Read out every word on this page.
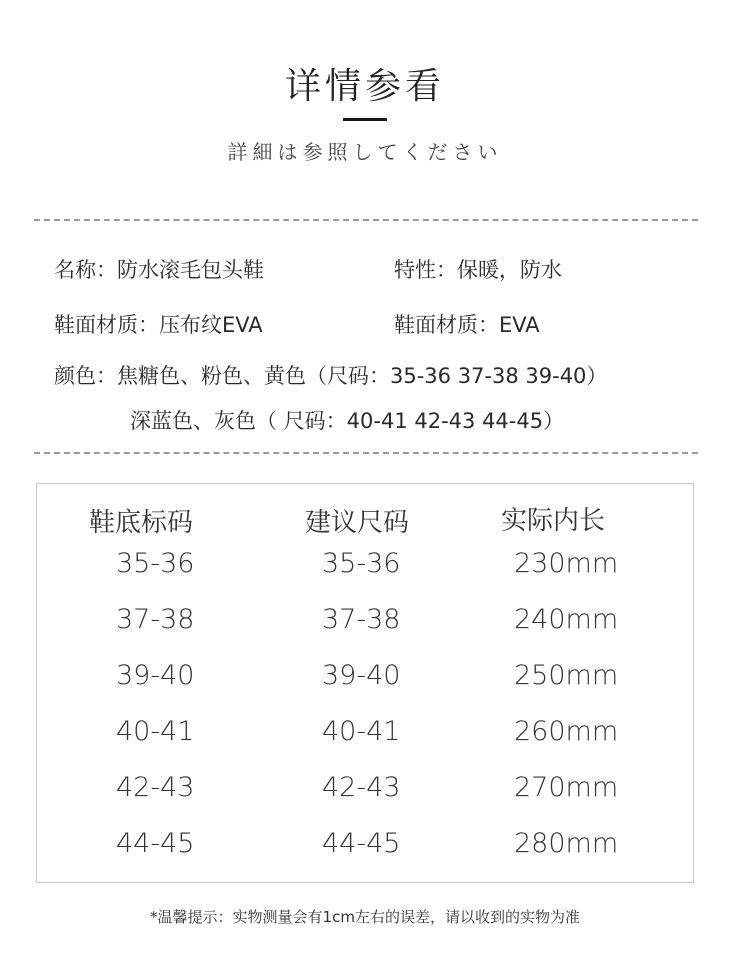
详情参看
詳細は参照してください
名称：防水滚毛包头鞋	特性：保暖，防水
鞋面材质：压布纹EVA	鞋面材质：EVA
颜色：焦糖色、粉色、黄色（尺码：35-36 37-38 39-40）
深蓝色、灰色（ 尺码：40-41 42-43 44-45）
鞋底标码	建议尺码	实际内长
35-36	35-36	230mm
37-38	37-38	240mm
39-40	39-40	250mm
40-41	40-41	260mm
42-43	42-43	270mm
44-45	44-45	280mm
*温馨提示：实物测量会有1cm左右的误差，请以收到的实物为准
